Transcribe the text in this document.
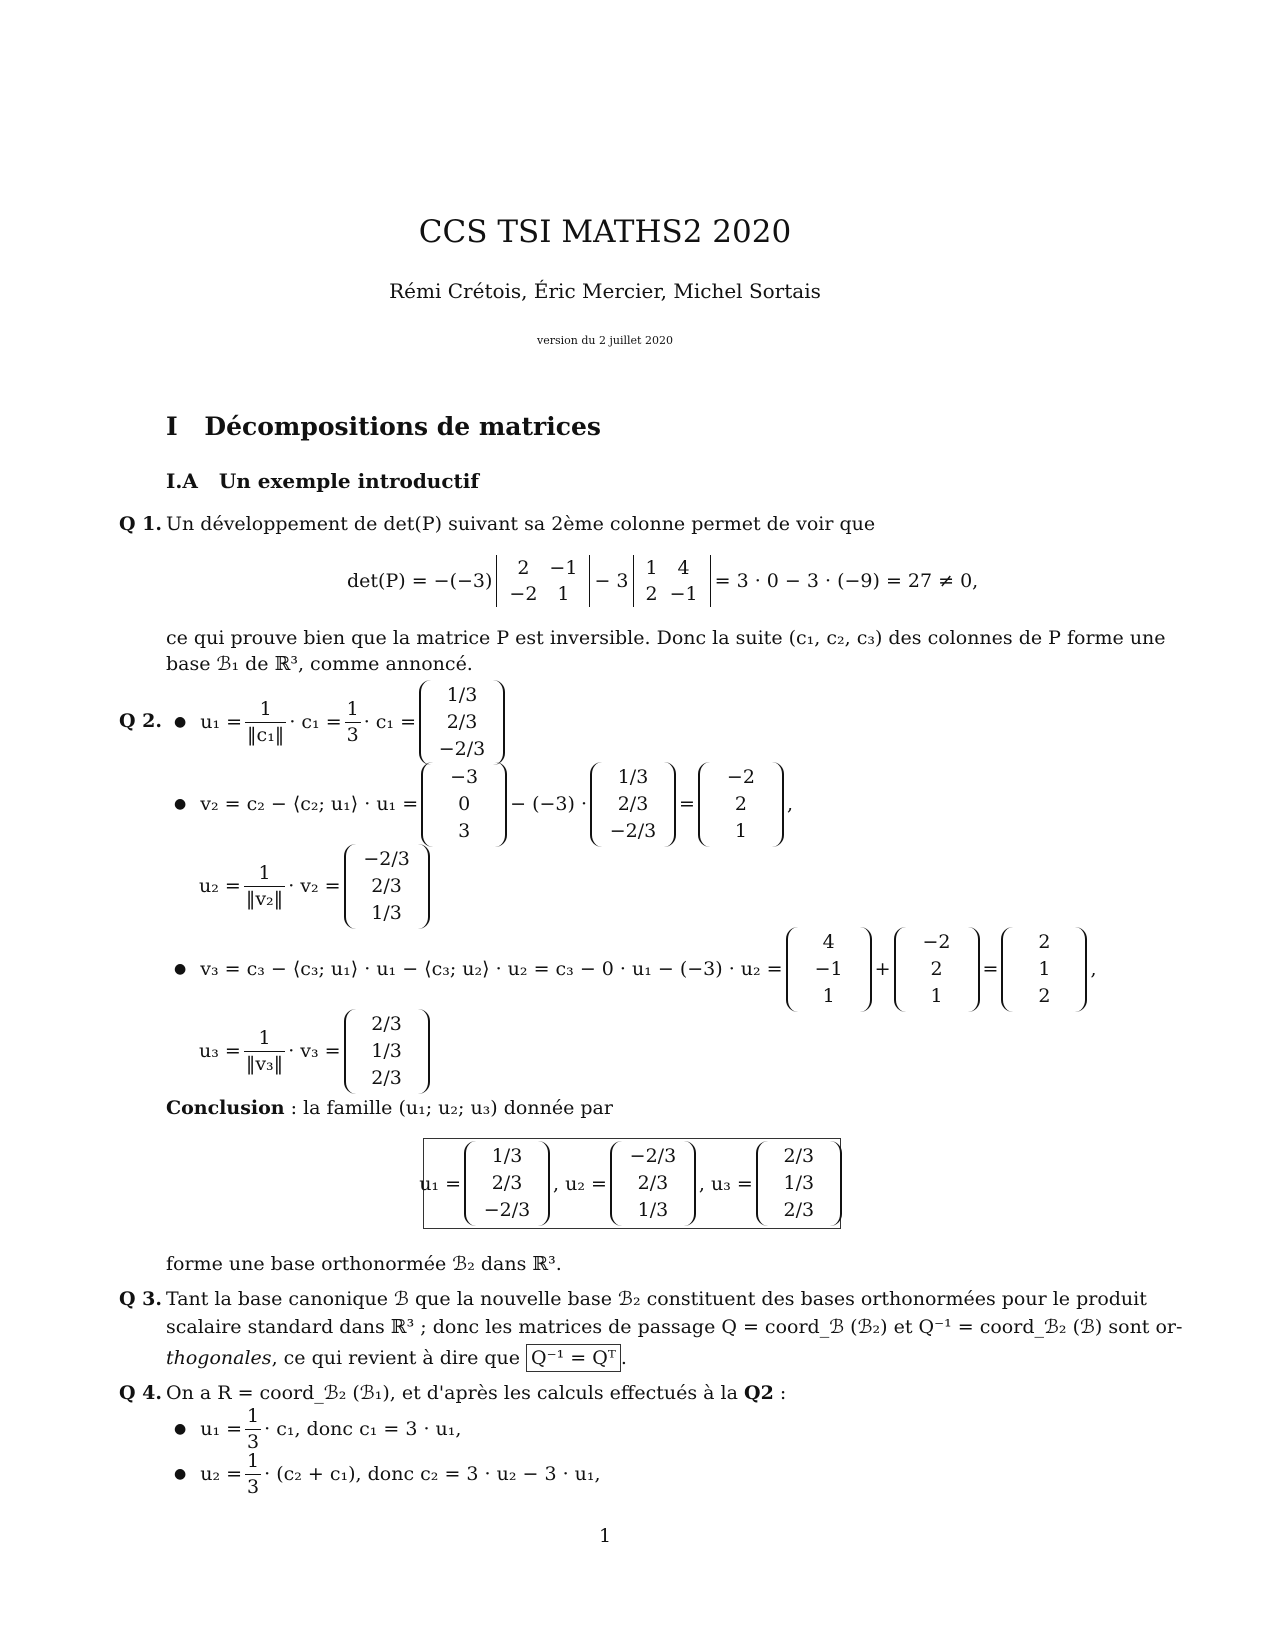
CCS TSI MATHS2 2020
Rémi Crétois, Éric Mercier, Michel Sortais
version du 2 juillet 2020
I Décompositions de matrices
I.A Un exemple introductif
Q 1. Un développement de det(P) suivant sa 2ème colonne permet de voir que
det(P) = −(−3)
2	−1
−2	1
− 3
1	4
2	−1
= 3 · 0 − 3 · (−9) = 27 ≠ 0,
ce qui prouve bien que la matrice P est inversible. Donc la suite (c₁, c₂, c₃) des colonnes de P forme une
base ℬ₁ de ℝ³, comme annoncé.
Q 2. ● $u_1 = \frac{1}{\text{‖c₁‖}} \cdot c_1 = \frac{1}{3} \cdot c_1$ =
1/3
2/3
−2/3
● v₂ = c₂ − ⟨c₂; u₁⟩ · u₁ =
−3
0
3
− (−3) ·
1/3
2/3
−2/3
=
−2
2
1
,
$u_2 = \frac{1}{\text{‖v₂‖}} \cdot v_2$ =
−2/3
2/3
1/3
● v₃ = c₃ − ⟨c₃; u₁⟩ · u₁ − ⟨c₃; u₂⟩ · u₂ = c₃ − 0 · u₁ − (−3) · u₂ =
4
−1
1
+
−2
2
1
=
2
1
2
,
$u_3 = \frac{1}{\text{‖v₃‖}} \cdot v_3$ =
2/3
1/3
2/3
Conclusion : la famille (u₁; u₂; u₃) donnée par
u₁ =
1/3
2/3
−2/3
, u₂ =
−2/3
2/3
1/3
, u₃ =
2/3
1/3
2/3
forme une base orthonormée ℬ₂ dans ℝ³.
Q 3. Tant la base canonique ℬ que la nouvelle base ℬ₂ constituent des bases orthonormées pour le produit
scalaire standard dans ℝ³ ; donc les matrices de passage Q = coord_ℬ (ℬ₂) et Q⁻¹ = coord_ℬ₂ (ℬ) sont or-
thogonales, ce qui revient à dire que Q⁻¹ = Qᵀ .
Q 4. On a R = coord_ℬ₂ (ℬ₁), et d'après les calculs effectués à la Q2 :
● $u_1 = \frac{1}{3} \cdot c_1$, donc c₁ = 3 · u₁,
● $u_2 = \frac{1}{3} \cdot (c_2 + c_1)$, donc c₂ = 3 · u₂ − 3 · u₁,
1
